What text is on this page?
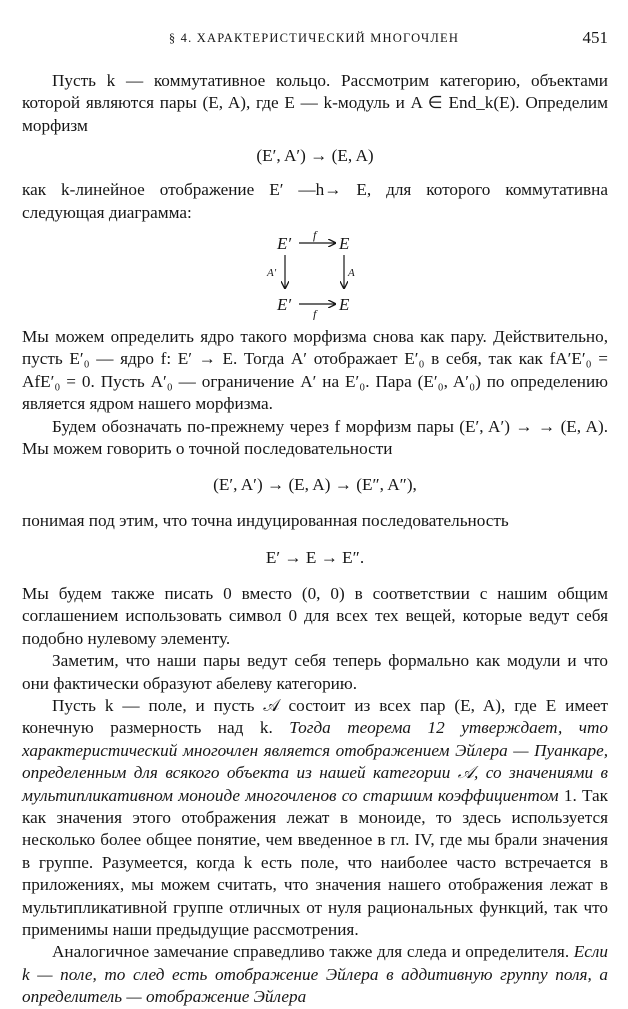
§ 4. ХАРАКТЕРИСТИЧЕСКИЙ МНОГОЧЛЕН	451

Пусть k — коммутативное кольцо. Рассмотрим категорию, объектами которой являются пары (E, A), где E — k-модуль и A ∈ End_k(E). Определим морфизм

(E′, A′) → (E, A)

как k-линейное отображение E′ —h→ E, для которого коммутативна следующая диаграмма:

E′	E
E′	E
f
f
A′	A

Мы можем определить ядро такого морфизма снова как пару. Действительно, пусть E′₀ — ядро f: E′ → E. Тогда A′ отображает E′₀ в себя, так как fA′E′₀ = AfE′₀ = 0. Пусть A′₀ — ограничение A′ на E′₀. Пара (E′₀, A′₀) по определению является ядром нашего морфизма.

Будем обозначать по-прежнему через f морфизм пары (E′, A′) → → (E, A). Мы можем говорить о точной последовательности

(E′, A′) → (E, A) → (E″, A″),

понимая под этим, что точна индуцированная последовательность

E′ → E → E″.

Мы будем также писать 0 вместо (0, 0) в соответствии с нашим общим соглашением использовать символ 0 для всех тех вещей, которые ведут себя подобно нулевому элементу.

Заметим, что наши пары ведут себя теперь формально как модули и что они фактически образуют абелеву категорию.

Пусть k — поле, и пусть 𝒜 состоит из всех пар (E, A), где E имеет конечную размерность над k. Тогда теорема 12 утверждает, что характеристический многочлен является отображением Эйлера — Пуанкаре, определенным для всякого объекта из нашей категории 𝒜, со значениями в мультипликативном моноиде многочленов со старшим коэффициентом 1. Так как значения этого отображения лежат в моноиде, то здесь используется несколько более общее понятие, чем введенное в гл. IV, где мы брали значения в группе. Разумеется, когда k есть поле, что наиболее часто встречается в приложениях, мы можем считать, что значения нашего отображения лежат в мультипликативной группе отличных от нуля рациональных функций, так что применимы наши предыдущие рассмотрения.

Аналогичное замечание справедливо также для следа и определителя. Если k — поле, то след есть отображение Эйлера в аддитивную группу поля, а определитель — отображение Эйлера
